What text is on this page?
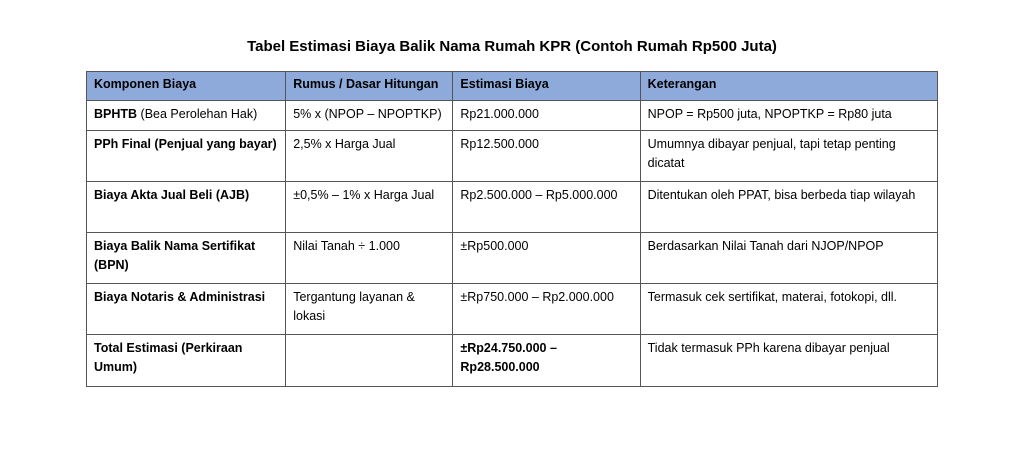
Tabel Estimasi Biaya Balik Nama Rumah KPR (Contoh Rumah Rp500 Juta)
Komponen Biaya	Rumus / Dasar Hitungan	Estimasi Biaya	Keterangan
BPHTB (Bea Perolehan Hak)	5% x (NPOP – NPOPTKP)	Rp21.000.000	NPOP = Rp500 juta, NPOPTKP = Rp80 juta
PPh Final (Penjual yang bayar)	2,5% x Harga Jual	Rp12.500.000	Umumnya dibayar penjual, tapi tetap penting dicatat
Biaya Akta Jual Beli (AJB)	±0,5% – 1% x Harga Jual	Rp2.500.000 – Rp5.000.000	Ditentukan oleh PPAT, bisa berbeda tiap wilayah
Biaya Balik Nama Sertifikat (BPN)	Nilai Tanah ÷ 1.000	±Rp500.000	Berdasarkan Nilai Tanah dari NJOP/NPOP
Biaya Notaris & Administrasi	Tergantung layanan & lokasi	±Rp750.000 – Rp2.000.000	Termasuk cek sertifikat, materai, fotokopi, dll.
Total Estimasi (Perkiraan Umum)		±Rp24.750.000 – Rp28.500.000	Tidak termasuk PPh karena dibayar penjual
